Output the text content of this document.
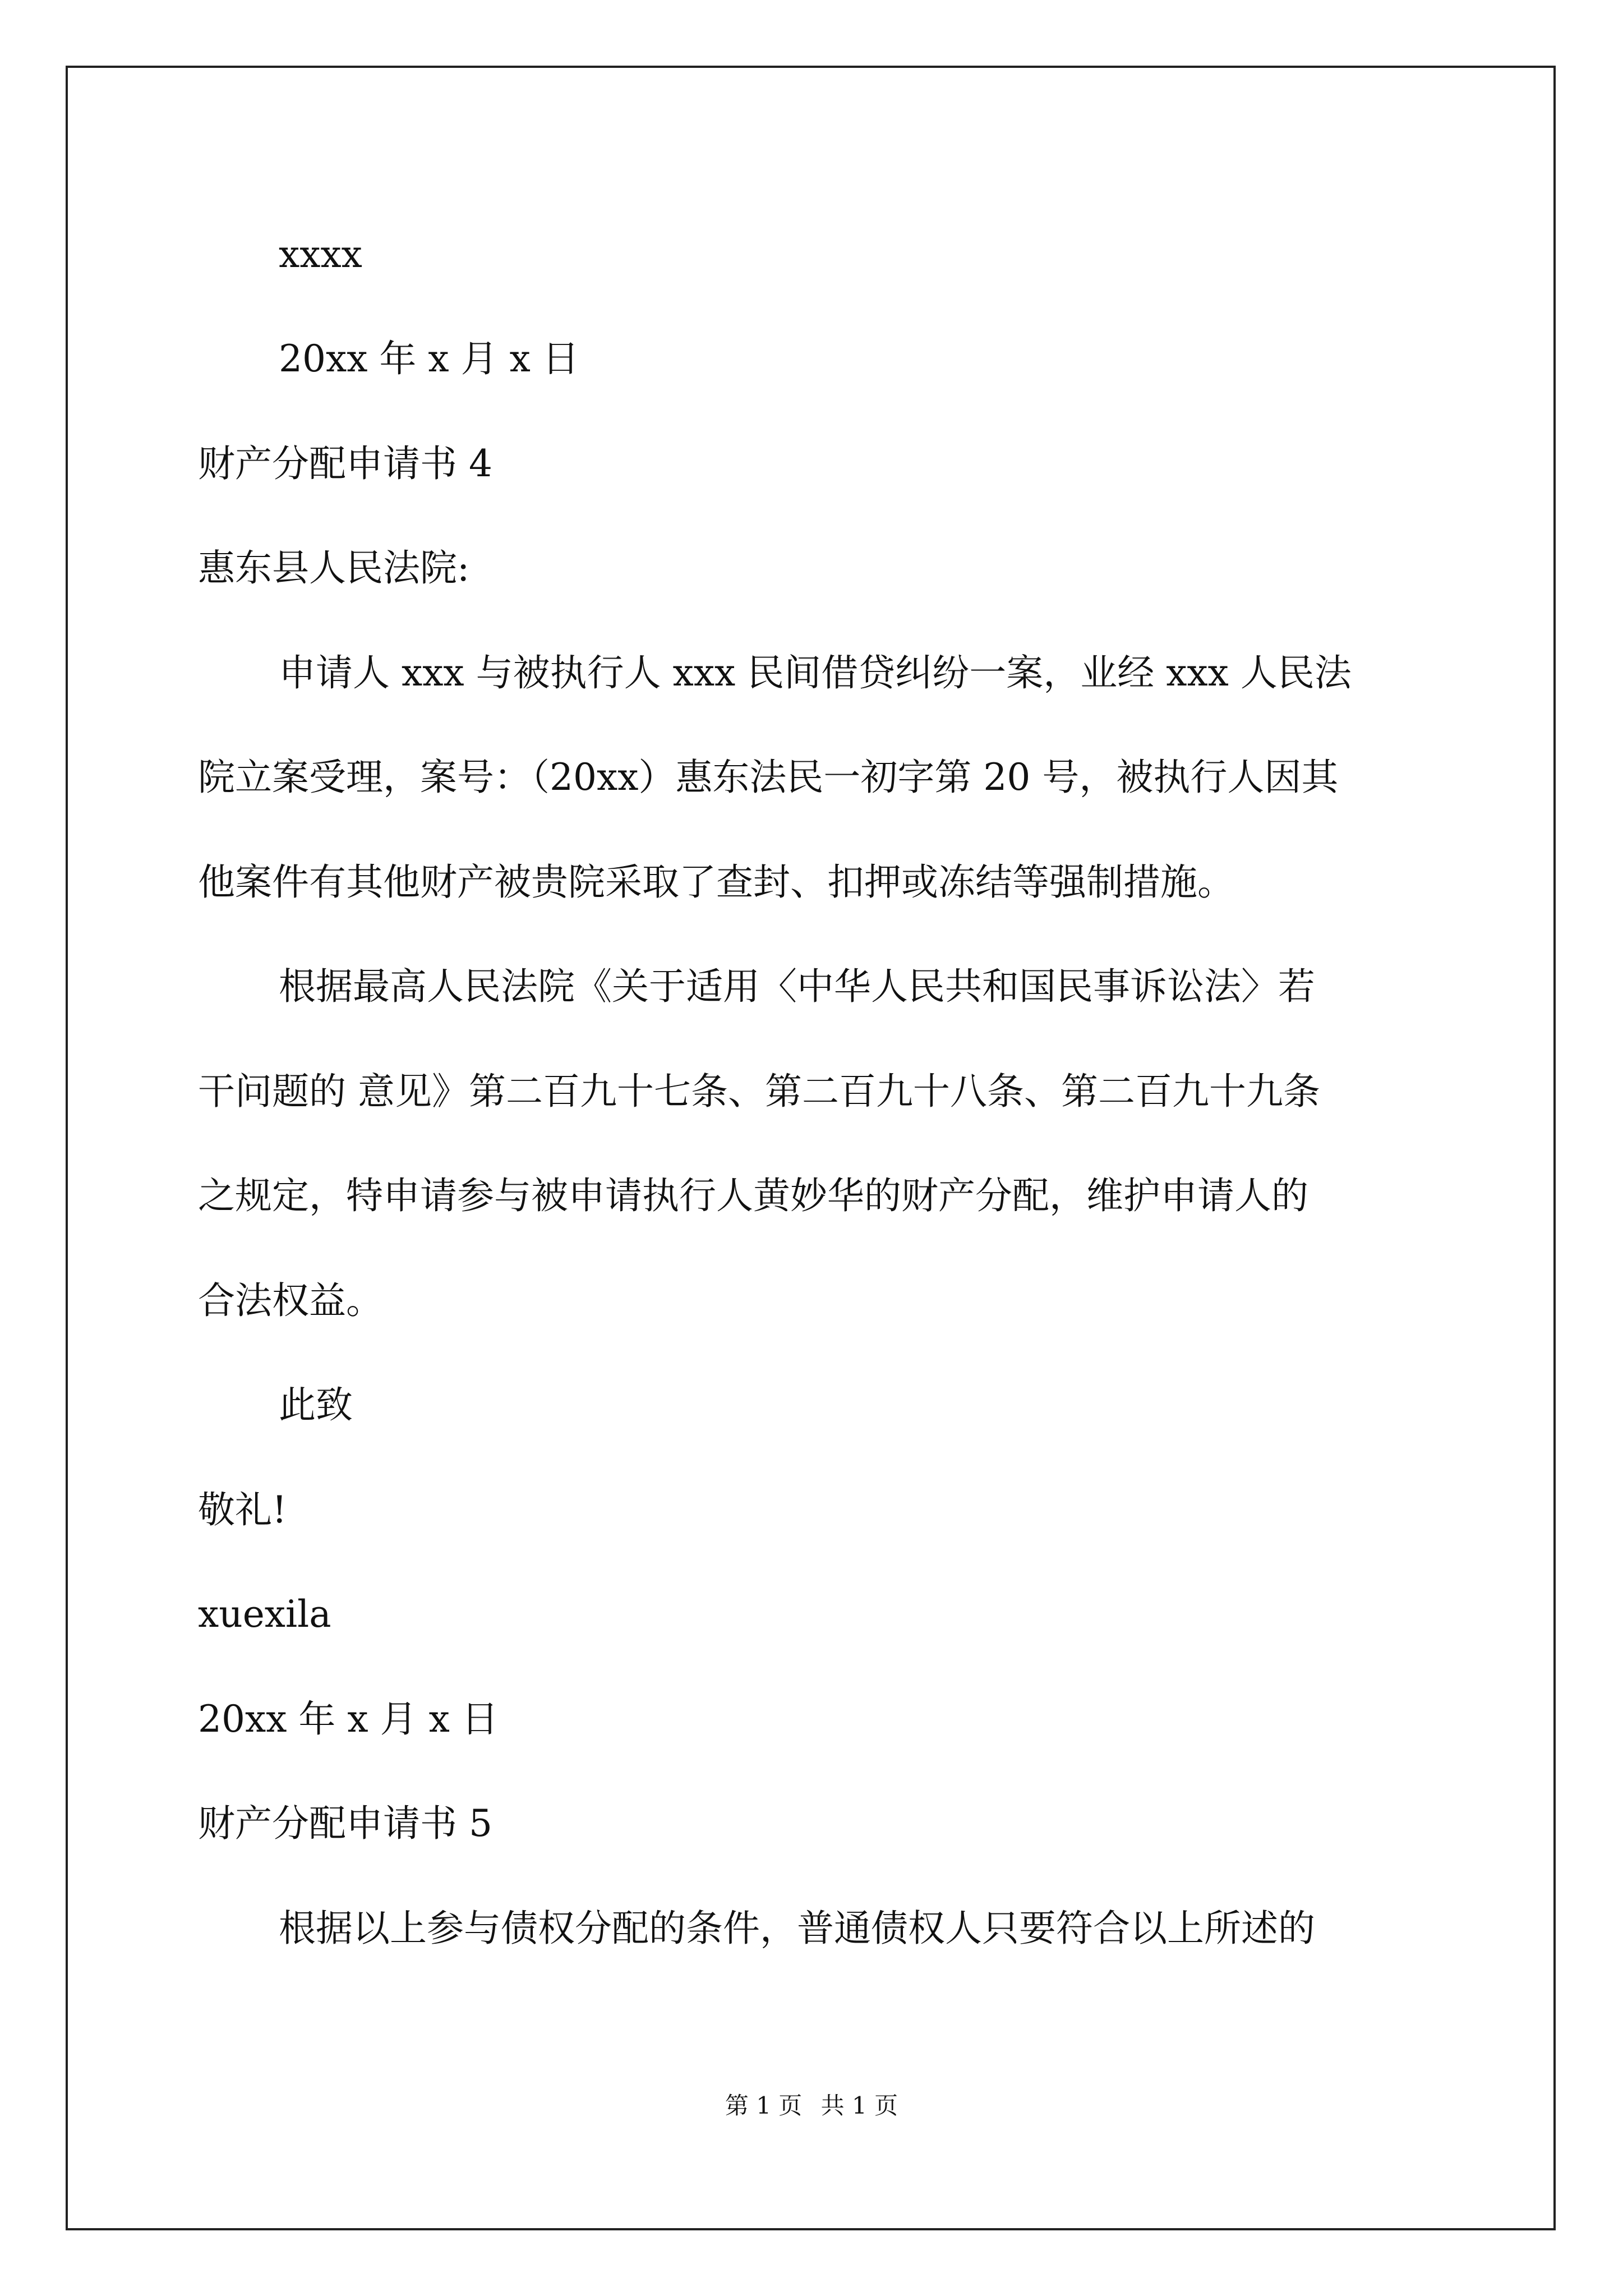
xxxx

20xx 年 x 月 x 日

财产分配申请书 4

惠东县人民法院:

申请人 xxx 与被执行人 xxx 民间借贷纠纷一案，业经 xxx 人民法

院立案受理，案号：（20xx）惠东法民一初字第 20 号，被执行人因其

他案件有其他财产被贵院采取了查封、扣押或冻结等强制措施。

根据最高人民法院《关于适用〈中华人民共和国民事诉讼法〉若

干问题的 意见》第二百九十七条、第二百九十八条、第二百九十九条

之规定，特申请参与被申请执行人黄妙华的财产分配，维护申请人的

合法权益。

此致

敬礼!

xuexila

20xx 年 x 月 x 日

财产分配申请书 5

根据以上参与债权分配的条件，普通债权人只要符合以上所述的

第 1 页 共 1 页
